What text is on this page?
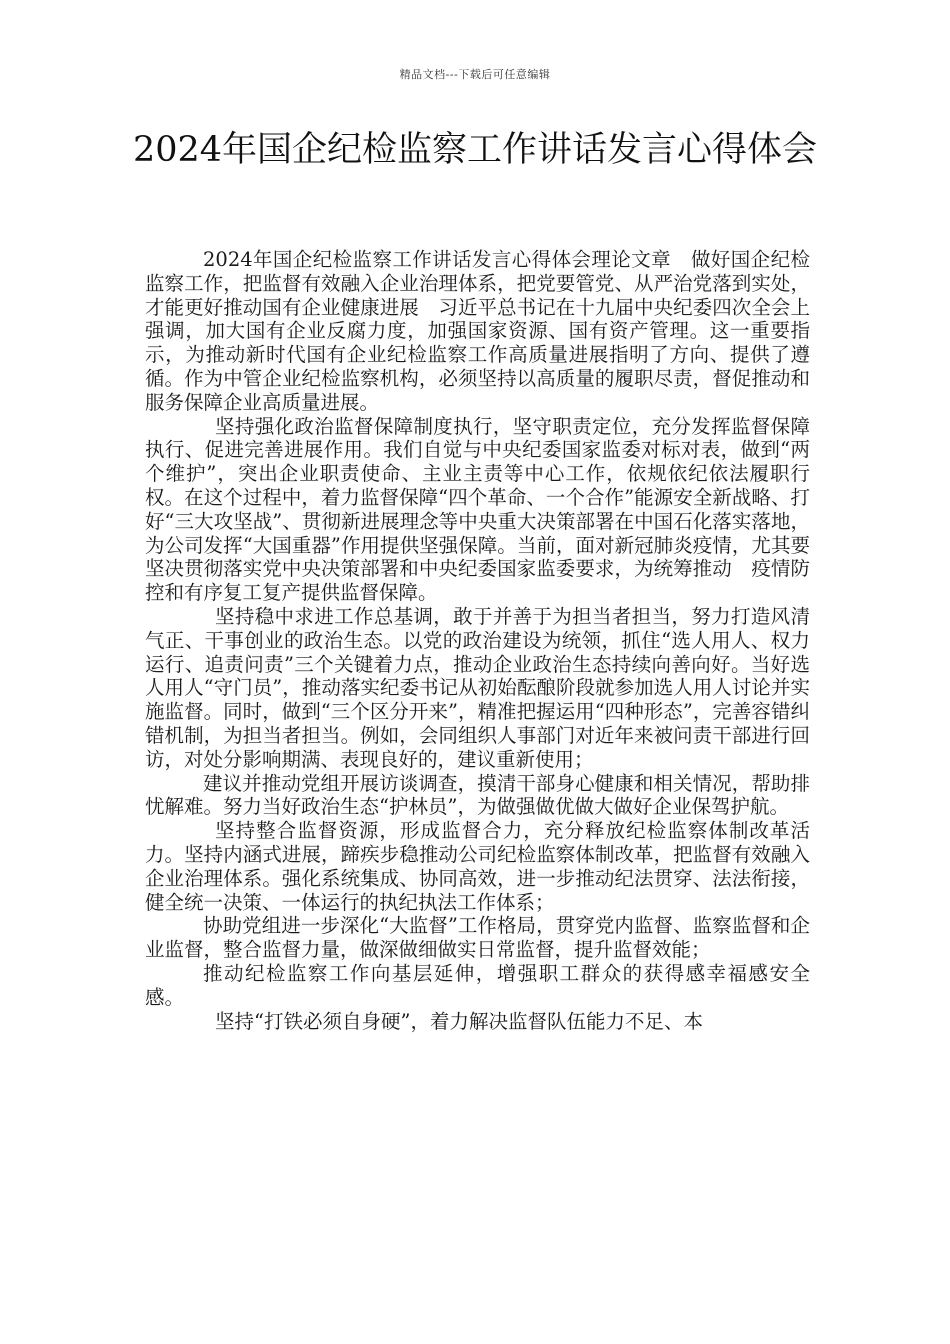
精品文档---下载后可任意编辑
2024年国企纪检监察工作讲话发言心得体会

2024年国企纪检监察工作讲话发言心得体会理论文章　做好国企纪检监察工作，把监督有效融入企业治理体系，把党要管党、从严治党落到实处，才能更好推动国有企业健康进展　习近平总书记在十九届中央纪委四次全会上强调，加大国有企业反腐力度，加强国家资源、国有资产管理。这一重要指示，为推动新时代国有企业纪检监察工作高质量进展指明了方向、提供了遵循。作为中管企业纪检监察机构，必须坚持以高质量的履职尽责，督促推动和服务保障企业高质量进展。

坚持强化政治监督保障制度执行，坚守职责定位，充分发挥监督保障执行、促进完善进展作用。我们自觉与中央纪委国家监委对标对表，做到“两个维护”，突出企业职责使命、主业主责等中心工作，依规依纪依法履职行权。在这个过程中，着力监督保障“四个革命、一个合作”能源安全新战略、打好“三大攻坚战”、贯彻新进展理念等中央重大决策部署在中国石化落实落地，为公司发挥“大国重器”作用提供坚强保障。当前，面对新冠肺炎疫情，尤其要坚决贯彻落实党中央决策部署和中央纪委国家监委要求，为统筹推动　疫情防控和有序复工复产提供监督保障。

坚持稳中求进工作总基调，敢于并善于为担当者担当，努力打造风清气正、干事创业的政治生态。以党的政治建设为统领，抓住“选人用人、权力运行、追责问责”三个关键着力点，推动企业政治生态持续向善向好。当好选人用人“守门员”，推动落实纪委书记从初始酝酿阶段就参加选人用人讨论并实施监督。同时，做到“三个区分开来”，精准把握运用“四种形态”，完善容错纠错机制，为担当者担当。例如，会同组织人事部门对近年来被问责干部进行回访，对处分影响期满、表现良好的，建议重新使用；

建议并推动党组开展访谈调查，摸清干部身心健康和相关情况，帮助排忧解难。努力当好政治生态“护林员”，为做强做优做大做好企业保驾护航。

坚持整合监督资源，形成监督合力，充分释放纪检监察体制改革活力。坚持内涵式进展，蹄疾步稳推动公司纪检监察体制改革，把监督有效融入企业治理体系。强化系统集成、协同高效，进一步推动纪法贯穿、法法衔接，健全统一决策、一体运行的执纪执法工作体系；

协助党组进一步深化“大监督”工作格局，贯穿党内监督、监察监督和企业监督，整合监督力量，做深做细做实日常监督，提升监督效能；

推动纪检监察工作向基层延伸，增强职工群众的获得感幸福感安全　感。

坚持“打铁必须自身硬”，着力解决监督队伍能力不足、本
